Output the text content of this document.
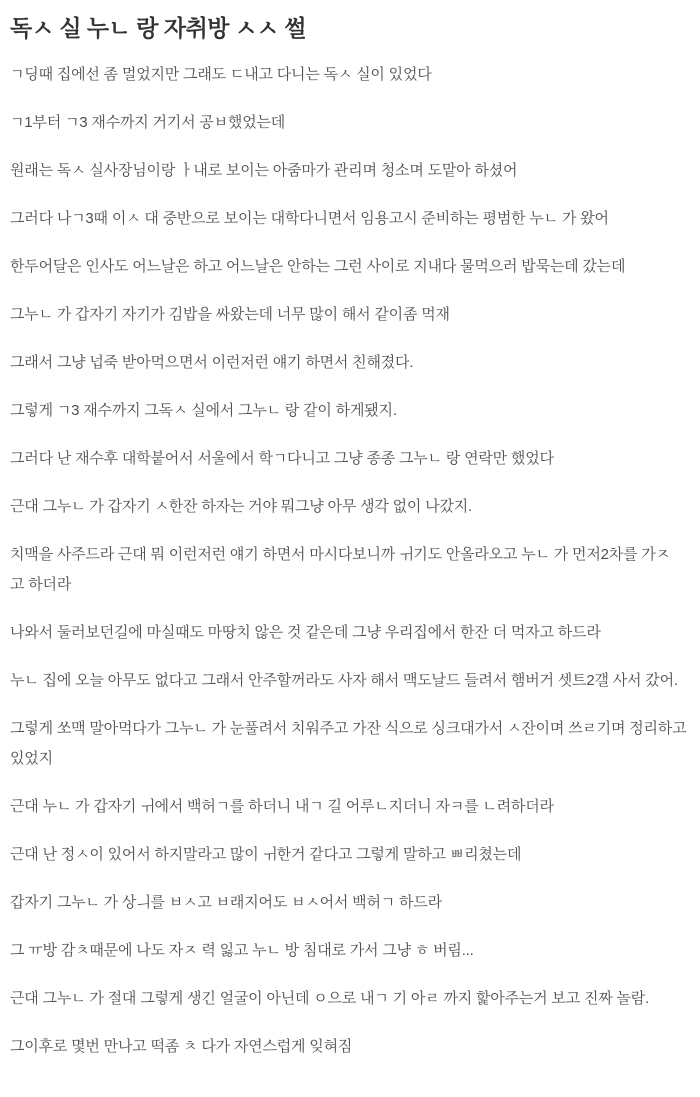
독ㅅ 실 누ㄴ 랑 자취방 ㅅㅅ 썰

ㄱ딩때 집에선 좀 멀었지만 그래도 ㄷ내고 다니는 독ㅅ 실이 있었다

ㄱ1부터 ㄱ3 재수까지 거기서 공ㅂ했었는데

원래는 독ㅅ 실사장님이랑 ㅏ내로 보이는 아줌마가 관리며 청소며 도맡아 하셨어

그러다 나ㄱ3때 이ㅅ 대 중반으로 보이는 대학다니면서 임용고시 준비하는 평범한 누ㄴ 가 왔어

한두어달은 인사도 어느날은 하고 어느날은 안하는 그런 사이로 지내다 물먹으러 밥묵는데 갔는데

그누ㄴ 가 갑자기 자기가 김밥을 싸왔는데 너무 많이 해서 같이좀 먹재

그래서 그냥 넙죽 받아먹으면서 이런저런 얘기 하면서 친해졌다.

그렇게 ㄱ3 재수까지 그독ㅅ 실에서 그누ㄴ 랑 같이 하게됐지.

그러다 난 재수후 대학붙어서 서울에서 학ㄱ다니고 그냥 종종 그누ㄴ 랑 연락만 했었다

근대 그누ㄴ 가 갑자기 ㅅ한잔 하자는 거야 뭐그냥 아무 생각 없이 나갔지.

치맥을 사주드라 근대 뭐 이런저런 얘기 하면서 마시다보니까 ㅟ기도 안올라오고 누ㄴ 가 먼저2차를 가ㅈ 고 하더라

나와서 둘러보던길에 마실때도 마땅치 않은 것 같은데 그냥 우리집에서 한잔 더 먹자고 하드라

누ㄴ 집에 오늘 아무도 없다고 그래서 안주할꺼라도 사자 해서 맥도날드 들려서 햄버거 셋트2갤 사서 갔어.

그렇게 쏘맥 말아먹다가 그누ㄴ 가 눈풀려서 치워주고 가잔 식으로 싱크대가서 ㅅ잔이며 쓰ㄹ기며 정리하고 있었지

근대 누ㄴ 가 갑자기 ㅟ에서 백허ㄱ를 하더니 내ㄱ 길 어루ㄴ지더니 자ㅋ를 ㄴ려하더라

근대 난 정ㅅ이 있어서 하지말라고 많이 ㅟ한거 같다고 그렇게 말하고 ㅃ리쳤는데

갑자기 그누ㄴ 가 상ㅢ를 ㅂㅅ고 ㅂ래지어도 ㅂㅅ어서 백허ㄱ 하드라

그 ㅠ방 감ㅊ때문에 나도 자ㅈ 력 잃고 누ㄴ 방 침대로 가서 그냥 ㅎ 버림...

근대 그누ㄴ 가 절대 그렇게 생긴 얼굴이 아닌데 ㅇ으로 내ㄱ 기 아ㄹ 까지 핥아주는거 보고 진짜 놀람.

그이후로 몇번 만나고 떡좀 ㅊ 다가 자연스럽게 잊혀짐
